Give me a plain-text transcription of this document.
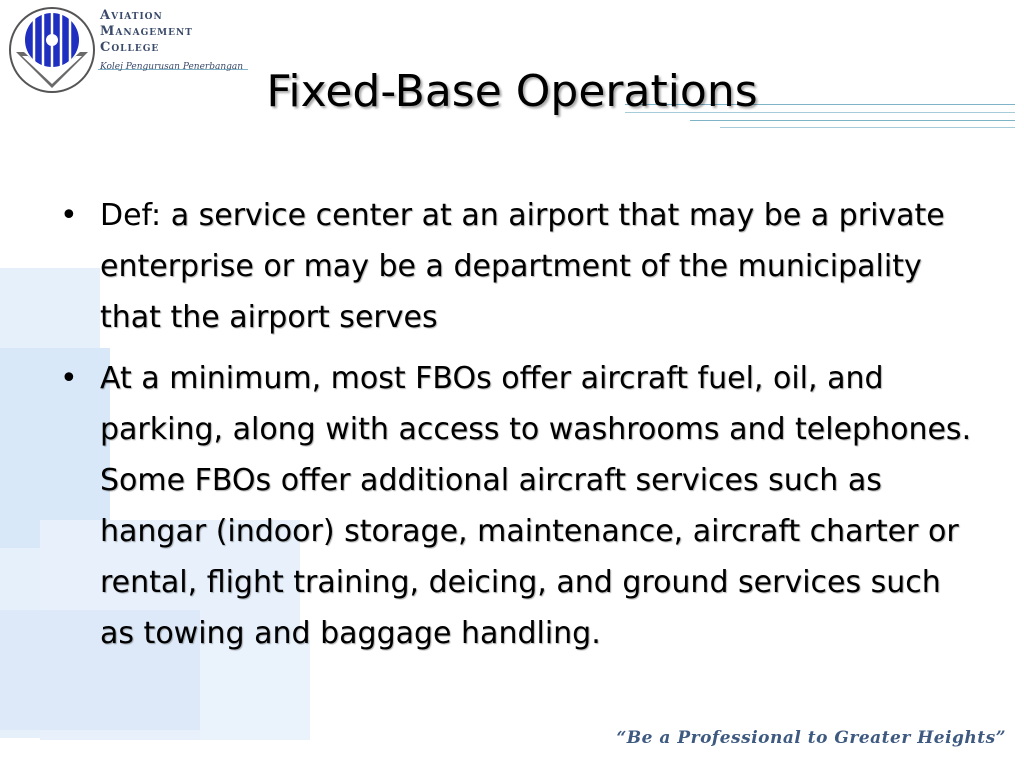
Aviation

Management

College

Kolej Pengurusan Penerbangan Fixed-Base Operations
• Def: a service center at an airport that may be a private enterprise or may be a department of the municipality that the airport serves
• At a minimum, most FBOs offer aircraft fuel, oil, and parking, along with access to washrooms and telephones. Some FBOs offer additional aircraft services such as hangar (indoor) storage, maintenance, aircraft charter or rental, flight training, deicing, and ground services such as towing and baggage handling.
“Be a Professional to Greater Heights”
